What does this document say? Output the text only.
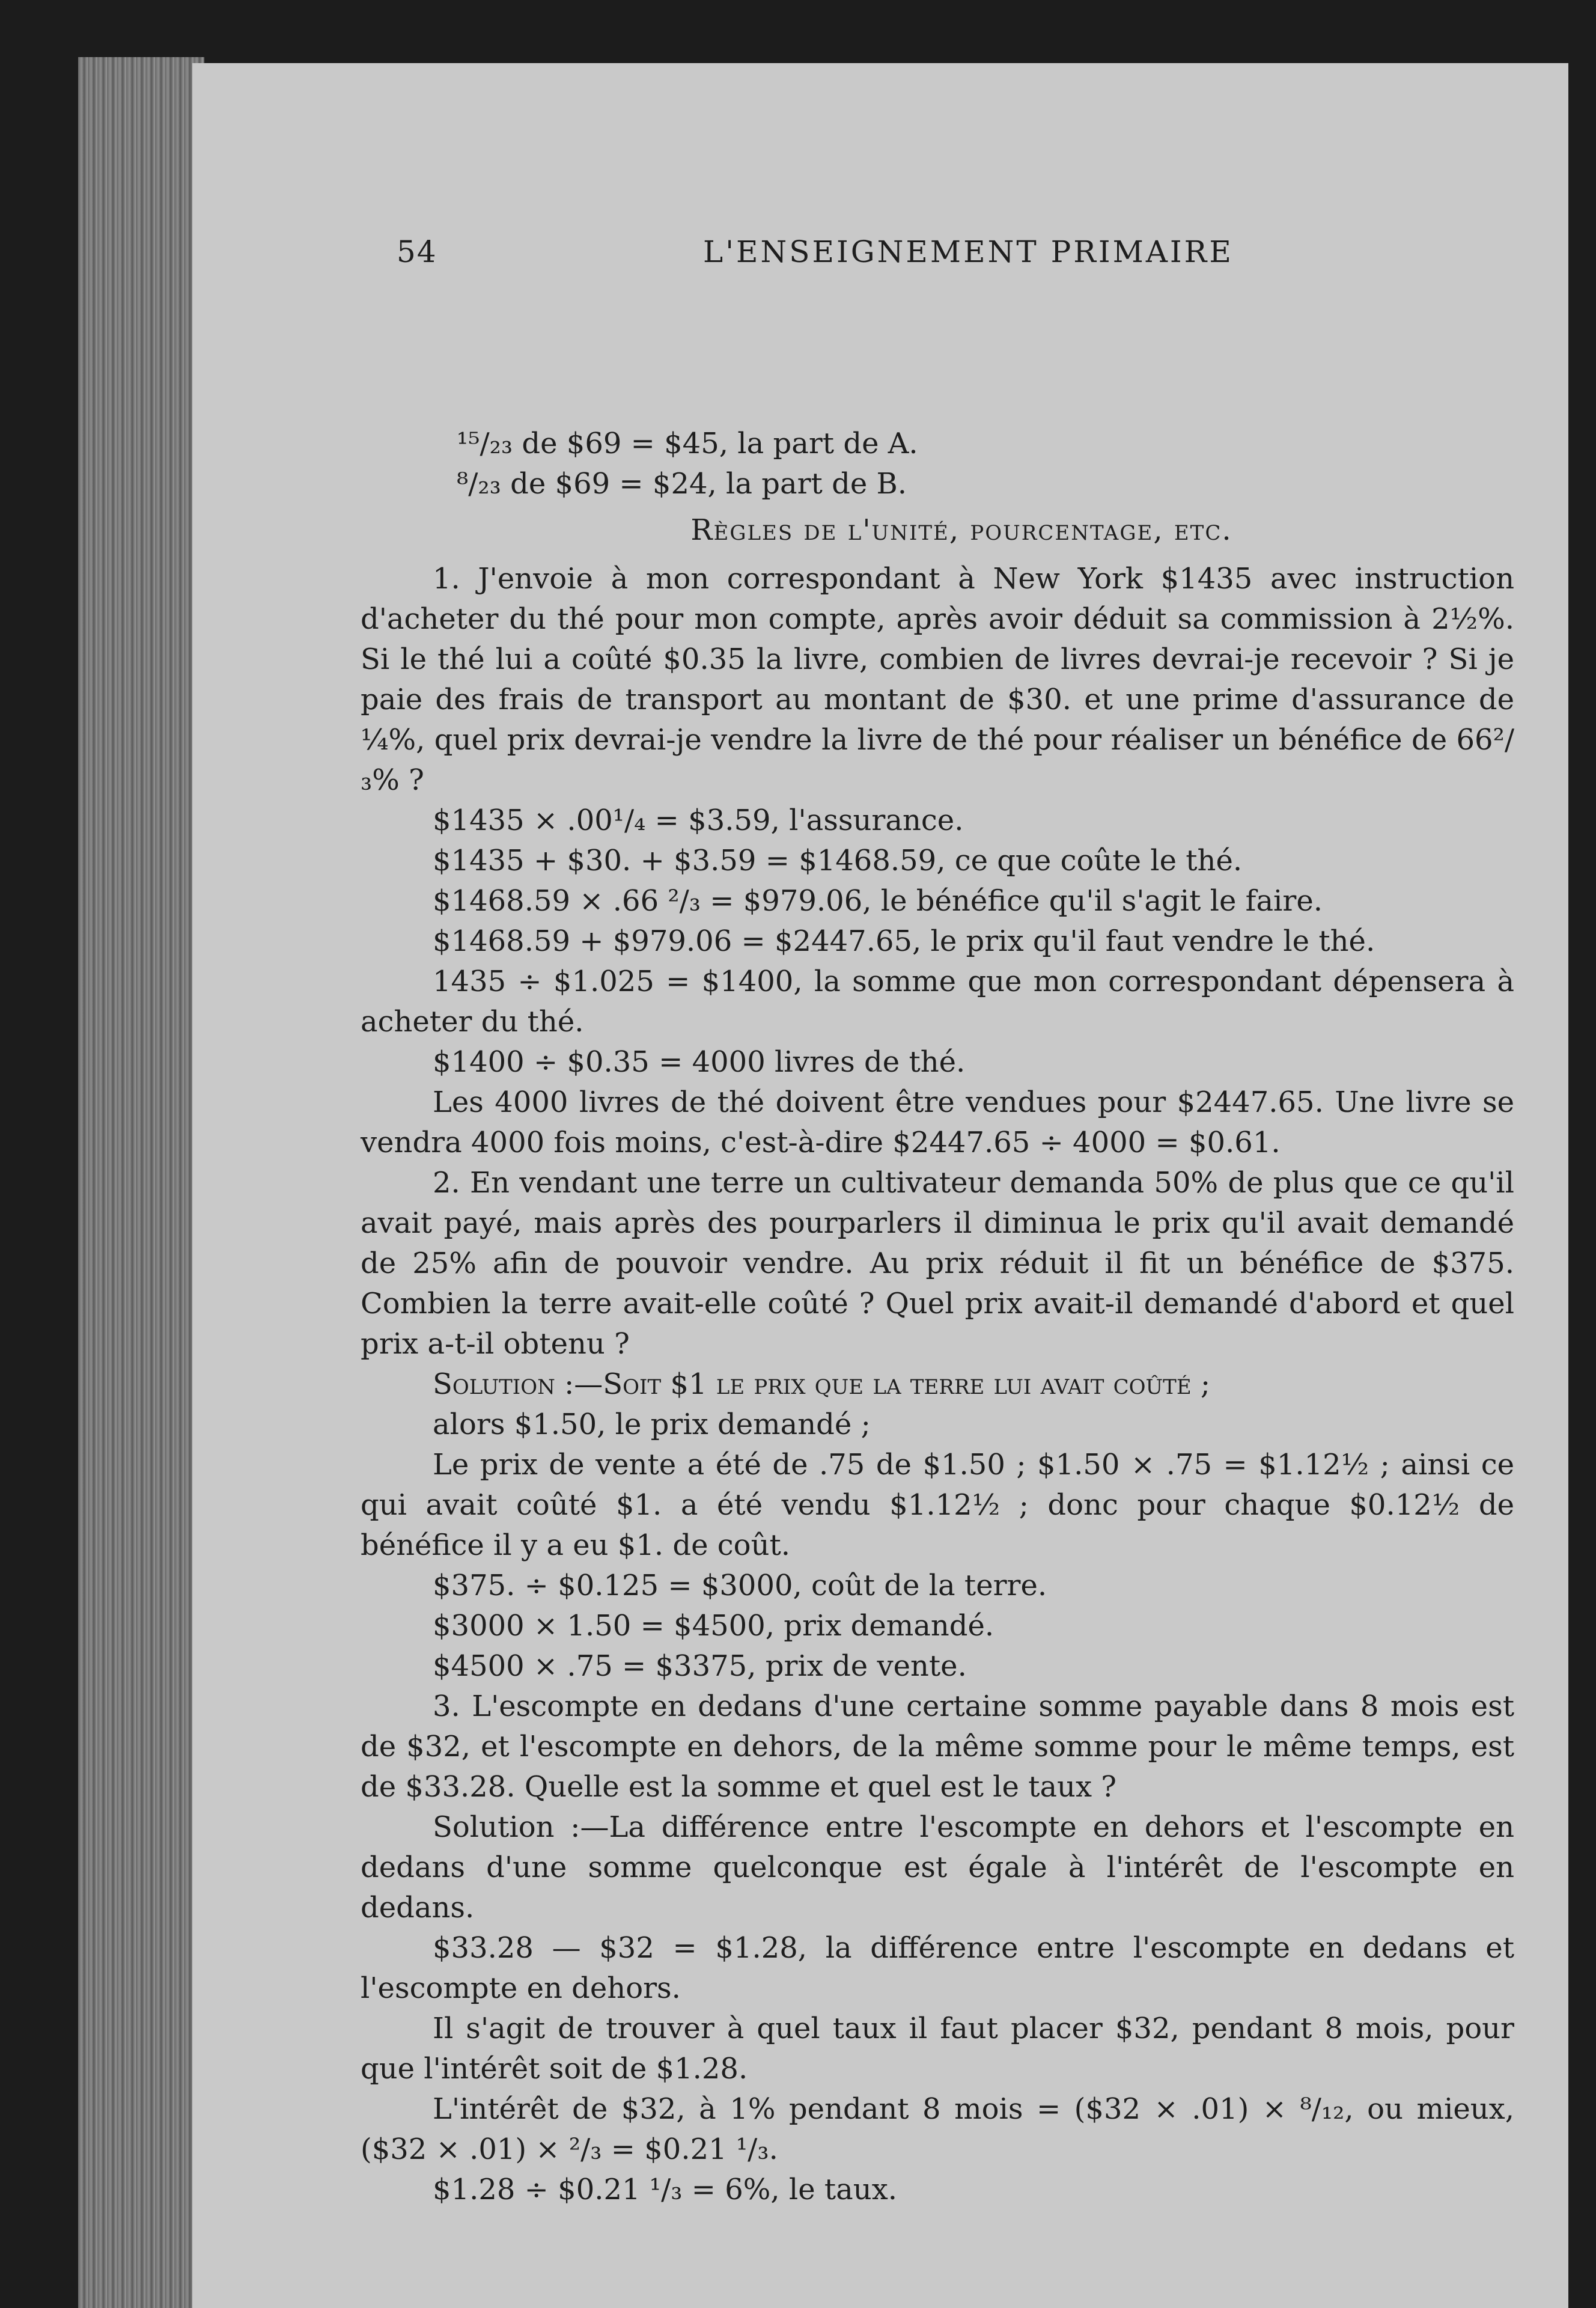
54	L'ENSEIGNEMENT PRIMAIRE

¹⁵/₂₃ de $69 = $45, la part de A.

⁸/₂₃ de $69 = $24, la part de B.

Règles de l'unité, pourcentage, etc.

1. J'envoie à mon correspondant à New York $1435 avec instruction d'acheter du thé pour mon compte, après avoir déduit sa commission à 2½%. Si le thé lui a coûté $0.35 la livre, combien de livres devrai-je recevoir ? Si je paie des frais de transport au montant de $30. et une prime d'assurance de ¼%, quel prix devrai-je vendre la livre de thé pour réaliser un bénéfice de 66²/₃% ?

$1435 × .00¹/₄ = $3.59, l'assurance.

$1435 + $30. + $3.59 = $1468.59, ce que coûte le thé.

$1468.59 × .66 ²/₃ = $979.06, le bénéfice qu'il s'agit le faire.

$1468.59 + $979.06 = $2447.65, le prix qu'il faut vendre le thé.

1435 ÷ $1.025 = $1400, la somme que mon correspondant dépensera à acheter du thé.

$1400 ÷ $0.35 = 4000 livres de thé.

Les 4000 livres de thé doivent être vendues pour $2447.65. Une livre se vendra 4000 fois moins, c'est-à-dire $2447.65 ÷ 4000 = $0.61.

2. En vendant une terre un cultivateur demanda 50% de plus que ce qu'il avait payé, mais après des pourparlers il diminua le prix qu'il avait demandé de 25% afin de pouvoir vendre. Au prix réduit il fit un bénéfice de $375. Combien la terre avait-elle coûté ? Quel prix avait-il demandé d'abord et quel prix a-t-il obtenu ?

Solution :—Soit $1 le prix que la terre lui avait coûté ;

alors $1.50, le prix demandé ;

Le prix de vente a été de .75 de $1.50 ; $1.50 × .75 = $1.12½ ; ainsi ce qui avait coûté $1. a été vendu $1.12½ ; donc pour chaque $0.12½ de bénéfice il y a eu $1. de coût.

$375. ÷ $0.125 = $3000, coût de la terre.

$3000 × 1.50 = $4500, prix demandé.

$4500 × .75 = $3375, prix de vente.

3. L'escompte en dedans d'une certaine somme payable dans 8 mois est de $32, et l'escompte en dehors, de la même somme pour le même temps, est de $33.28. Quelle est la somme et quel est le taux ?

Solution :—La différence entre l'escompte en dehors et l'escompte en dedans d'une somme quelconque est égale à l'intérêt de l'escompte en dedans.

$33.28 — $32 = $1.28, la différence entre l'escompte en dedans et l'escompte en dehors.

Il s'agit de trouver à quel taux il faut placer $32, pendant 8 mois, pour que l'intérêt soit de $1.28.

L'intérêt de $32, à 1% pendant 8 mois = ($32 × .01) × ⁸/₁₂, ou mieux, ($32 × .01) × ²/₃ = $0.21 ¹/₃.

$1.28 ÷ $0.21 ¹/₃ = 6%, le taux.
